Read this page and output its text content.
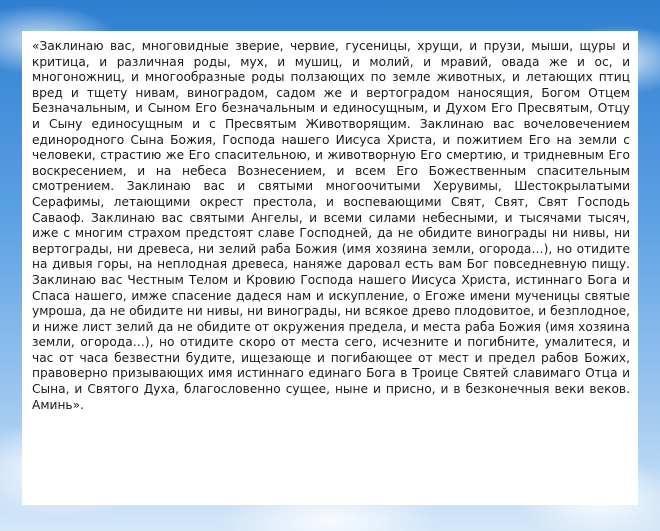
«Заклинаю вас, многовидные зверие, червие, гусеницы, хрущи, и прузи, мыши, щуры и критица, и различная роды, мух, и мушиц, и молий, и мравий, овада же и ос, и многоножниц, и многообразные роды ползающих по земле животных, и летающих птиц вред и тщету нивам, виноградом, садом же и вертоградом наносящия, Богом Отцем Безначальным, и Сыном Его безначальным и единосущным, и Духом Его Пресвятым, Отцу и Сыну единосущным и с Пресвятым Животворящим. Заклинаю вас вочеловечением единородного Сына Божия, Господа нашего Иисуса Христа, и пожитием Его на земли с человеки, страстию же Его спасительною, и животворную Его смертию, и тридневным Его воскресением, и на небеса Вознесением, и всем Его Божественным спасительным смотрением. Заклинаю вас и святыми многоочитыми Херувимы, Шестокрылатыми Серафимы, летающими окрест престола, и воспевающими Свят, Свят, Свят Господь Саваоф. Заклинаю вас святыми Ангелы, и всеми силами небесными, и тысячами тысяч, иже с многим страхом предстоят славе Господней, да не обидите винограды ни нивы, ни вертограды, ни древеса, ни зелий раба Божия (имя хозяина земли, огорода…), но отидите на дивыя горы, на неплодная древеса, наняже даровал есть вам Бог повседневную пищу. Заклинаю вас Честным Телом и Кровию Господа нашего Иисуса Христа, истиннаго Бога и Спаса нашего, имже спасение дадеся нам и искупление, о Егоже имени мученицы святые умроша, да не обидите ни нивы, ни винограды, ни всякое древо плодовитое, и безплодное, и ниже лист зелий да не обидите от окружения предела, и места раба Божия (имя хозяина земли, огорода…), но отидите скоро от места сего, исчезните и погибните, умалитеся, и час от часа безвестни будите, ищезающе и погибающее от мест и предел рабов Божих, правоверно призывающих имя истиннаго единаго Бога в Троице Святей славимаго Отца и Сына, и Святого Духа, благословенно сущее, ныне и присно, и в безконечныя веки веков. Аминь».
